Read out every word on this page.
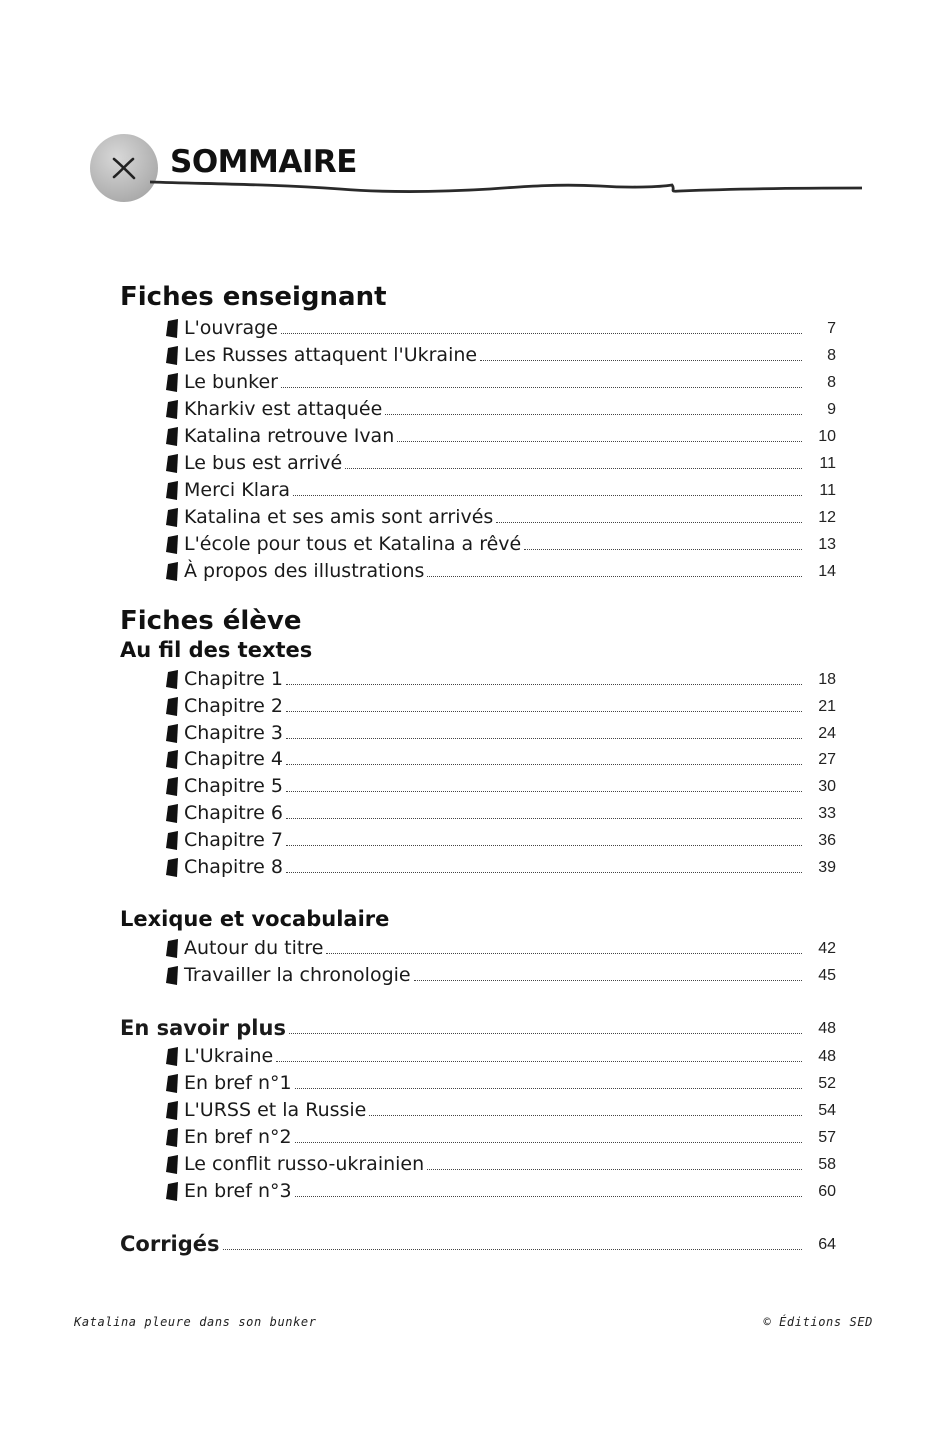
SOMMAIRE
Fiches enseignant
L'ouvrage	7
Les Russes attaquent l'Ukraine	8
Le bunker	8
Kharkiv est attaquée	9
Katalina retrouve Ivan	10
Le bus est arrivé	11
Merci Klara	11
Katalina et ses amis sont arrivés	12
L'école pour tous et Katalina a rêvé	13
À propos des illustrations	14
Fiches élève
Au fil des textes
Chapitre 1	18
Chapitre 2	21
Chapitre 3	24
Chapitre 4	27
Chapitre 5	30
Chapitre 6	33
Chapitre 7	36
Chapitre 8	39
Lexique et vocabulaire
Autour du titre	42
Travailler la chronologie	45
En savoir plus	48
L'Ukraine	48
En bref n°1	52
L'URSS et la Russie	54
En bref n°2	57
Le conflit russo-ukrainien	58
En bref n°3	60
Corrigés	64
Katalina pleure dans son bunker	© Éditions SED
